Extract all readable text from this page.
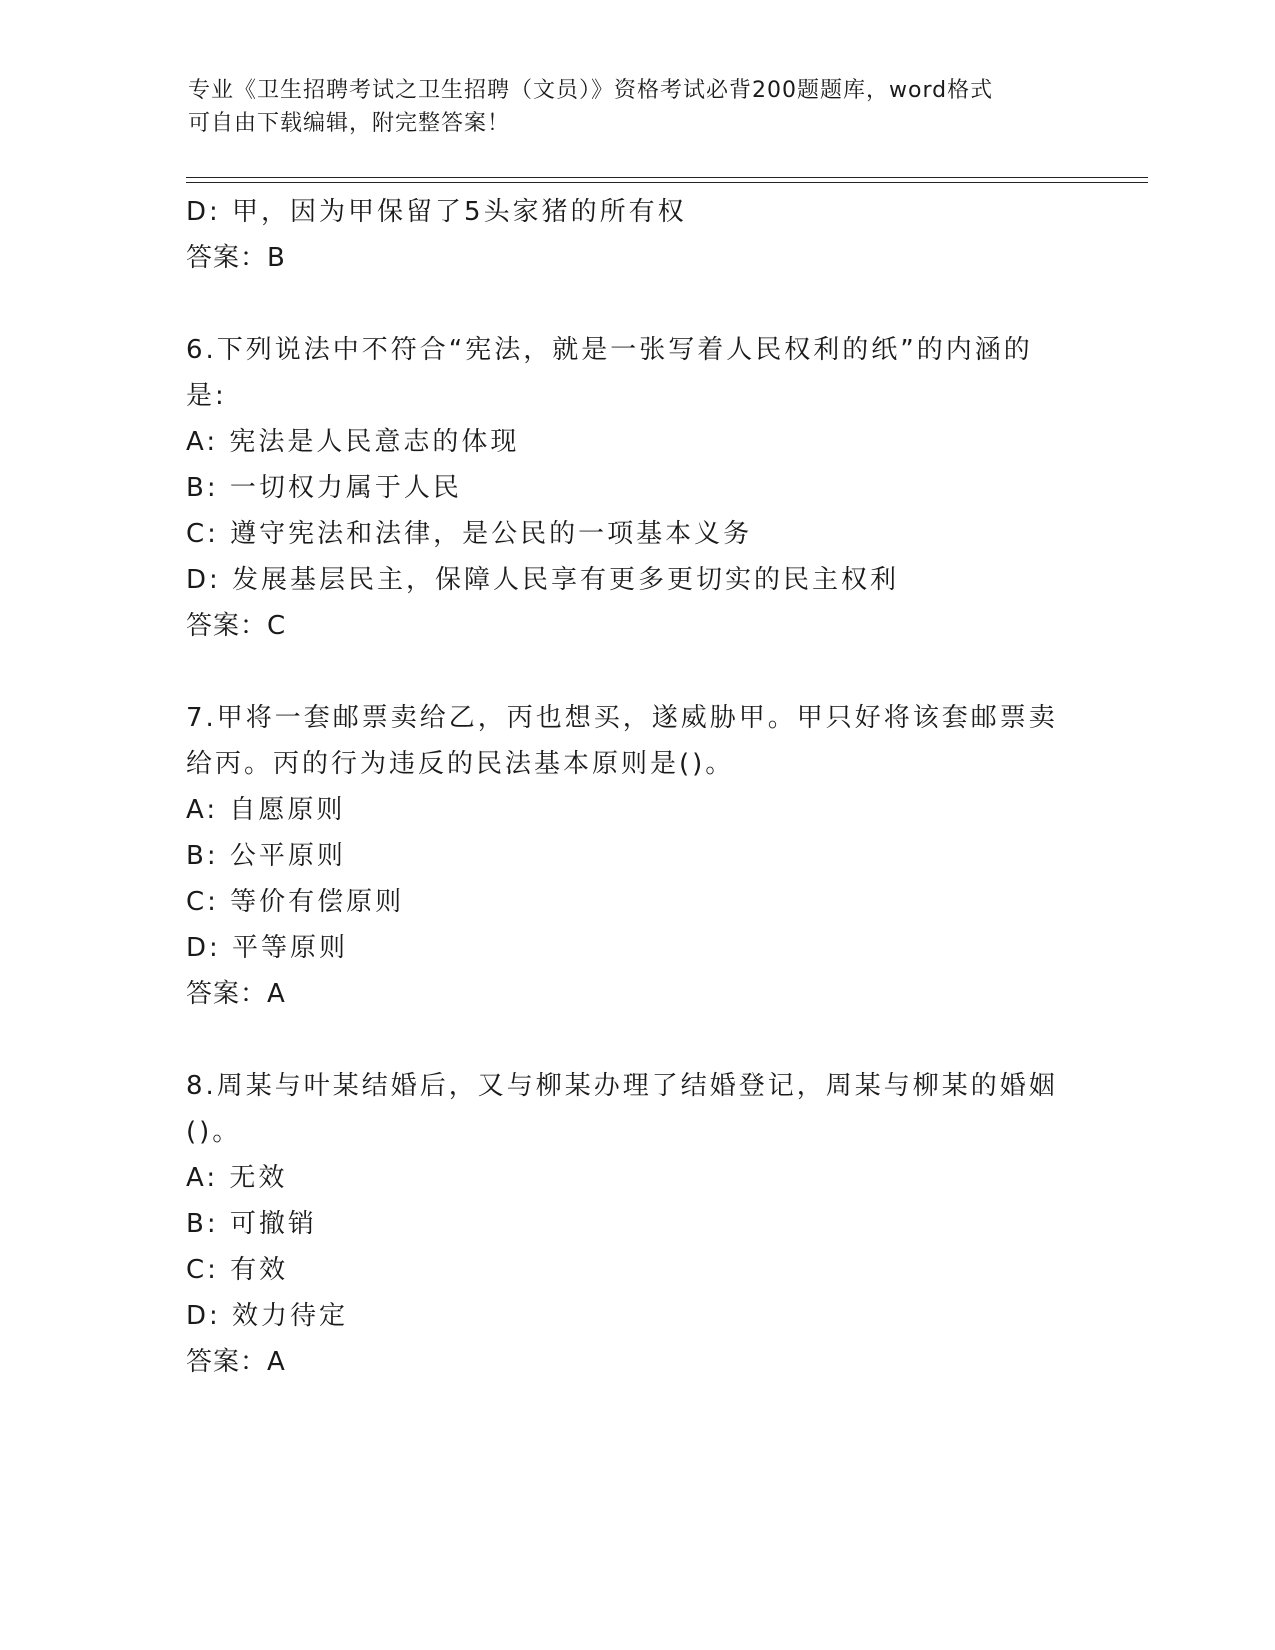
专业《卫生招聘考试之卫生招聘（文员）》资格考试必背200题题库，word格式
可自由下载编辑，附完整答案！
D: 甲，因为甲保留了5头家猪的所有权
答案：B
6.下列说法中不符合“宪法，就是一张写着人民权利的纸”的内涵的
是:
A: 宪法是人民意志的体现
B: 一切权力属于人民
C: 遵守宪法和法律，是公民的一项基本义务
D: 发展基层民主，保障人民享有更多更切实的民主权利
答案：C
7.甲将一套邮票卖给乙，丙也想买，遂威胁甲。甲只好将该套邮票卖
给丙。丙的行为违反的民法基本原则是()。
A: 自愿原则
B: 公平原则
C: 等价有偿原则
D: 平等原则
答案：A
8.周某与叶某结婚后，又与柳某办理了结婚登记，周某与柳某的婚姻
()。
A: 无效
B: 可撤销
C: 有效
D: 效力待定
答案：A
